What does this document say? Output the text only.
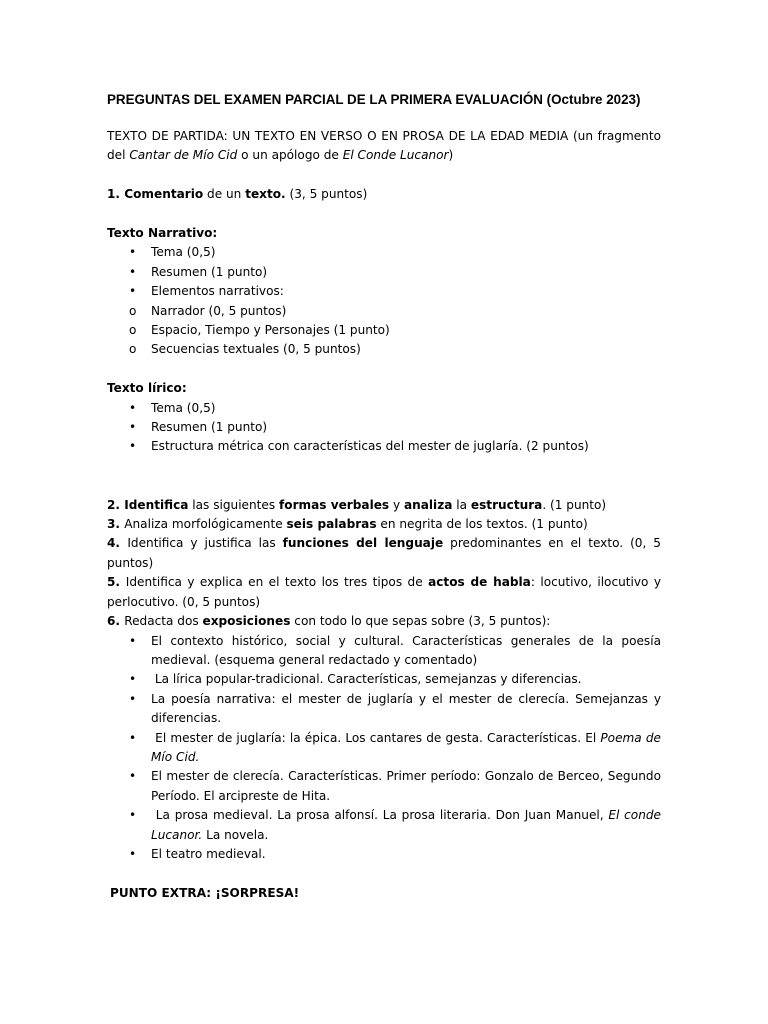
PREGUNTAS DEL EXAMEN PARCIAL DE LA PRIMERA EVALUACIÓN (Octubre 2023)

TEXTO DE PARTIDA: UN TEXTO EN VERSO O EN PROSA DE LA EDAD MEDIA (un fragmento del Cantar de Mío Cid o un apólogo de El Conde Lucanor)

1. Comentario de un texto. (3, 5 puntos)

Texto Narrativo:

•	Tema (0,5)
•	Resumen (1 punto)
•	Elementos narrativos:
o	Narrador (0, 5 puntos)
o	Espacio, Tiempo y Personajes (1 punto)
o	Secuencias textuales (0, 5 puntos)

Texto lírico:

•	Tema (0,5)
•	Resumen (1 punto)
•	Estructura métrica con características del mester de juglaría. (2 puntos)

2. Identifica las siguientes formas verbales y analiza la estructura. (1 punto)

3. Analiza morfológicamente seis palabras en negrita de los textos. (1 punto)

4. Identifica y justifica las funciones del lenguaje predominantes en el texto. (0, 5 puntos)

5. Identifica y explica en el texto los tres tipos de actos de habla: locutivo, ilocutivo y perlocutivo. (0, 5 puntos)

6. Redacta dos exposiciones con todo lo que sepas sobre (3, 5 puntos):

•	El contexto histórico, social y cultural. Características generales de la poesía medieval. (esquema general redactado y comentado)
•	La lírica popular-tradicional. Características, semejanzas y diferencias.
•	La poesía narrativa: el mester de juglaría y el mester de clerecía. Semejanzas y diferencias.
•	El mester de juglaría: la épica. Los cantares de gesta. Características. El Poema de Mío Cid.
•	El mester de clerecía. Características. Primer período: Gonzalo de Berceo, Segundo Período. El arcipreste de Hita.
•	La prosa medieval. La prosa alfonsí. La prosa literaria. Don Juan Manuel, El conde Lucanor. La novela.
•	El teatro medieval.

PUNTO EXTRA: ¡SORPRESA!
